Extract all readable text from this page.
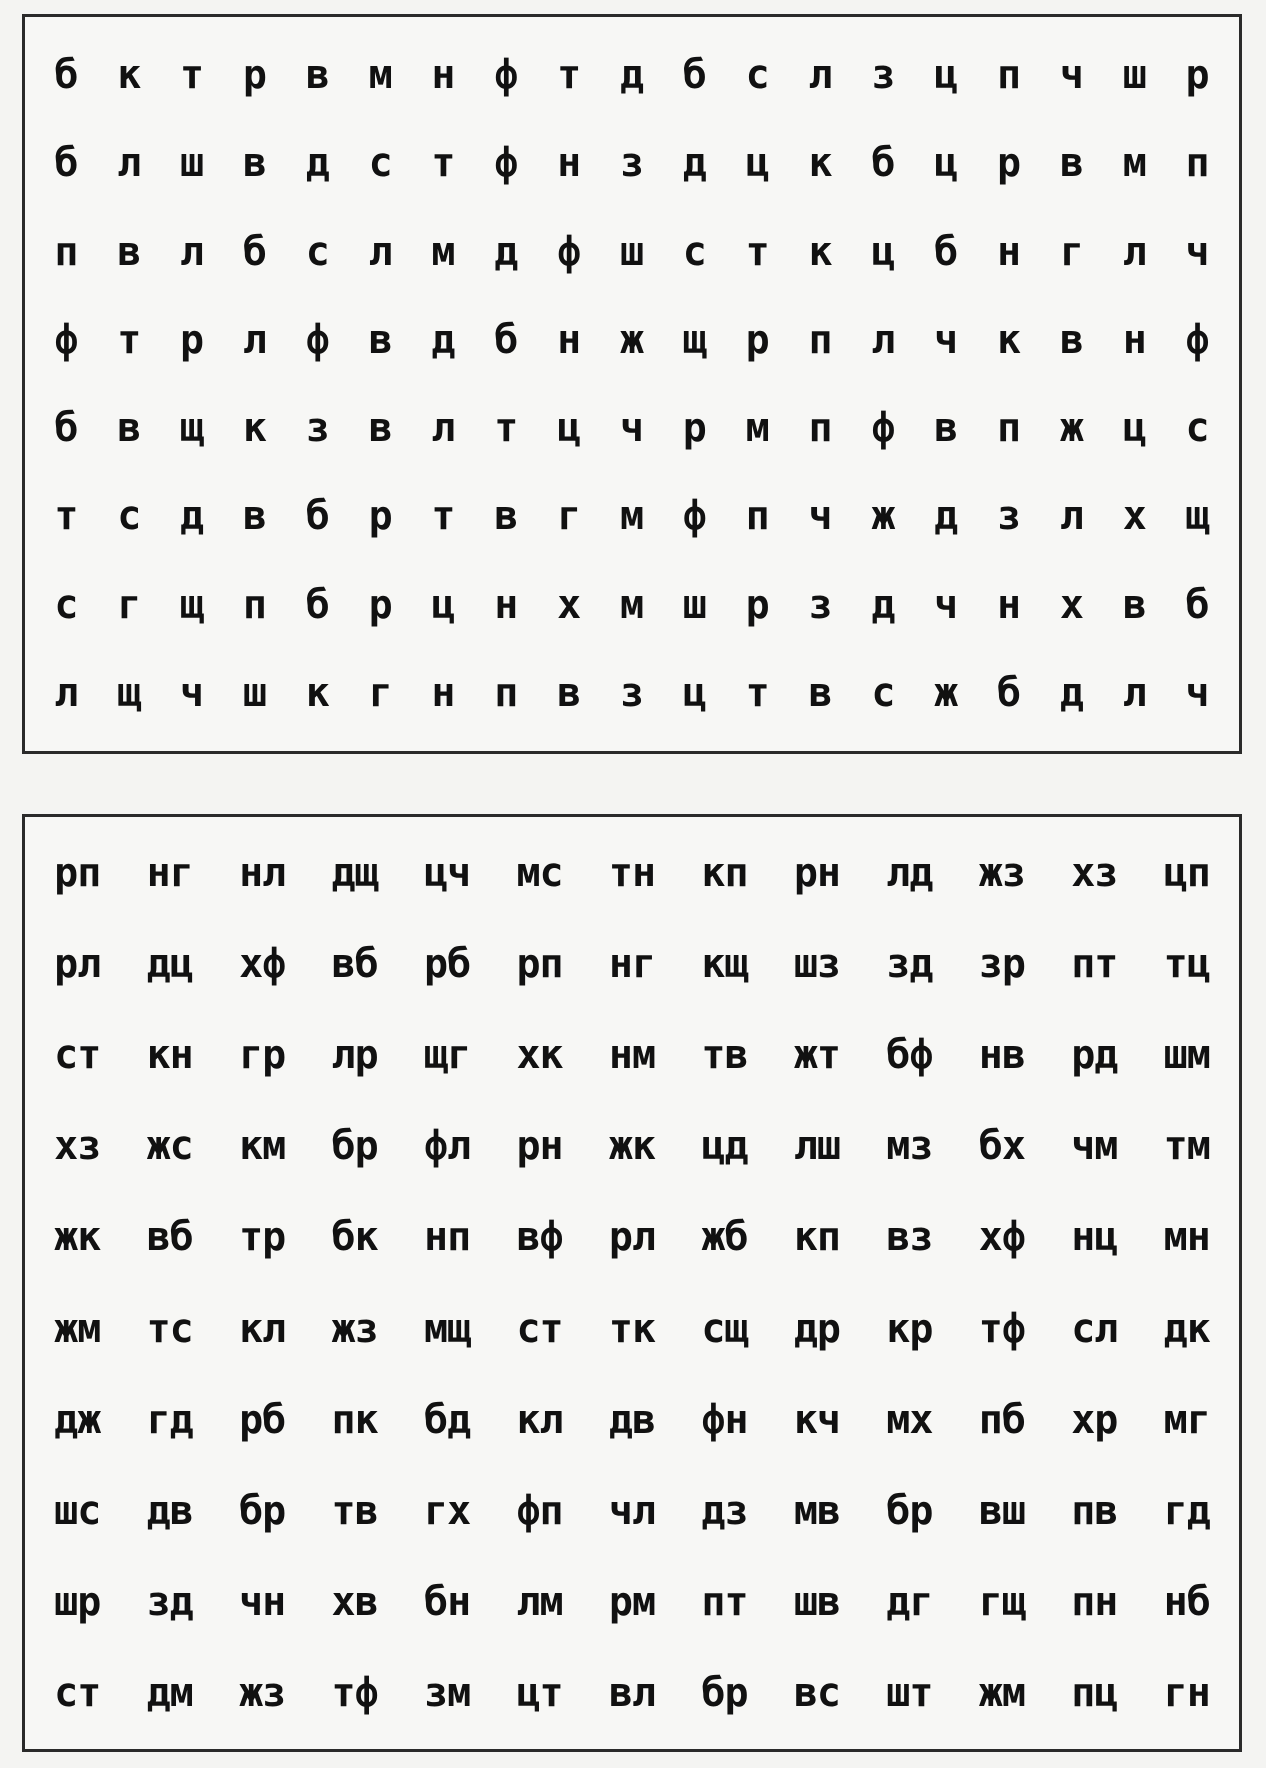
б к т р в м н ф т д б с л з ц п ч ш р
б л ш в д с т ф н з д ц к б ц р в м п
п в л б с л м д ф ш с т к ц б н г л ч
ф т р л ф в д б н ж щ р п л ч к в н ф
б в щ к з в л т ц ч р м п ф в п ж ц с
т с д в б р т в г м ф п ч ж д з л х щ
с г щ п б р ц н х м ш р з д ч н х в б
л щ ч ш к г н п в з ц т в с ж б д л ч
рп	нг	нл	дщ	цч	мс	тн	кп	рн	лд	жз	хз	цп
рл	дц	хф	вб	рб	рп	нг	кщ	шз	зд	зр	пт	тц
ст	кн	гр	лр	щг	хк	нм	тв	жт	бф	нв	рд	шм
хз	жс	км	бр	фл	рн	жк	цд	лш	мз	бх	чм	тм
жк	вб	тр	бк	нп	вф	рл	жб	кп	вз	хф	нц	мн
жм	тс	кл	жз	мщ	ст	тк	сщ	др	кр	тф	сл	дк
дж	гд	рб	пк	бд	кл	дв	фн	кч	мх	пб	хр	мг
шс	дв	бр	тв	гх	фп	чл	дз	мв	бр	вш	пв	гд
шр	зд	чн	хв	бн	лм	рм	пт	шв	дг	гщ	пн	нб
ст	дм	жз	тф	зм	цт	вл	бр	вс	шт	жм	пц	гн
